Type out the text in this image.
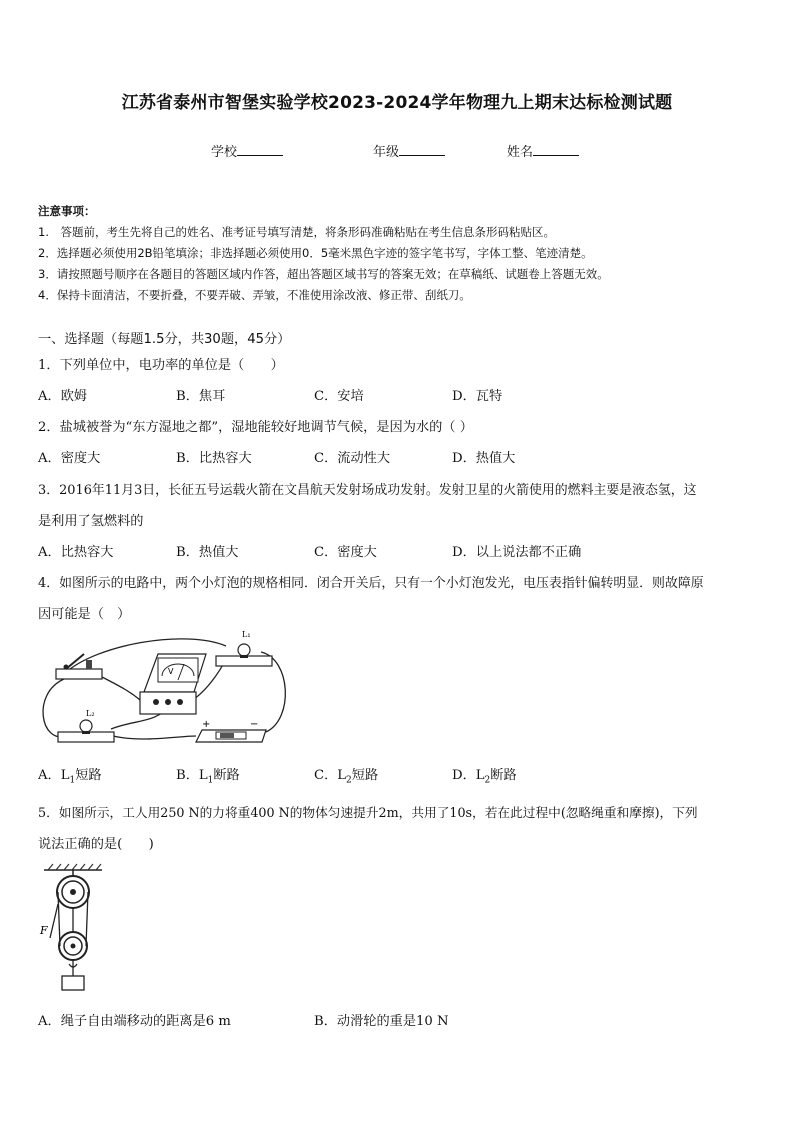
江苏省泰州市智堡实验学校2023-2024学年物理九上期末达标检测试题
学校	年级	姓名
注意事项：
1.　答题前，考生先将自己的姓名、准考证号填写清楚，将条形码准确粘贴在考生信息条形码粘贴区。
2．选择题必须使用2B铅笔填涂；非选择题必须使用0．5毫米黑色字迹的签字笔书写，字体工整、笔迹清楚。
3．请按照题号顺序在各题目的答题区域内作答，超出答题区域书写的答案无效；在草稿纸、试题卷上答题无效。
4．保持卡面清洁，不要折叠，不要弄破、弄皱，不准使用涂改液、修正带、刮纸刀。
一、选择题（每题1.5分，共30题，45分）
1．下列单位中，电功率的单位是（　　）
A．欧姆	B．焦耳	C．安培	D．瓦特
2．盐城被誉为“东方湿地之都”，湿地能较好地调节气候，是因为水的（ ）
A．密度大	B．比热容大	C．流动性大	D．热值大
3．2016年11月3日，长征五号运载火箭在文昌航天发射场成功发射。发射卫星的火箭使用的燃料主要是液态氢，这
是利用了氢燃料的
A．比热容大	B．热值大	C．密度大	D．以上说法都不正确
4．如图所示的电路中，两个小灯泡的规格相同．闭合开关后，只有一个小灯泡发光，电压表指针偏转明显．则故障原
因可能是（　）
V
L₁
L₂
+	−
A．$L_1$短路	B．$L_1$断路	C．$L_2$短路	D．$L_2$断路
5．如图所示，工人用250 N的力将重400 N的物体匀速提升2m，共用了10s，若在此过程中(忽略绳重和摩擦)，下列
说法正确的是(　　)
F
A．绳子自由端移动的距离是6 m	B．动滑轮的重是10 N
